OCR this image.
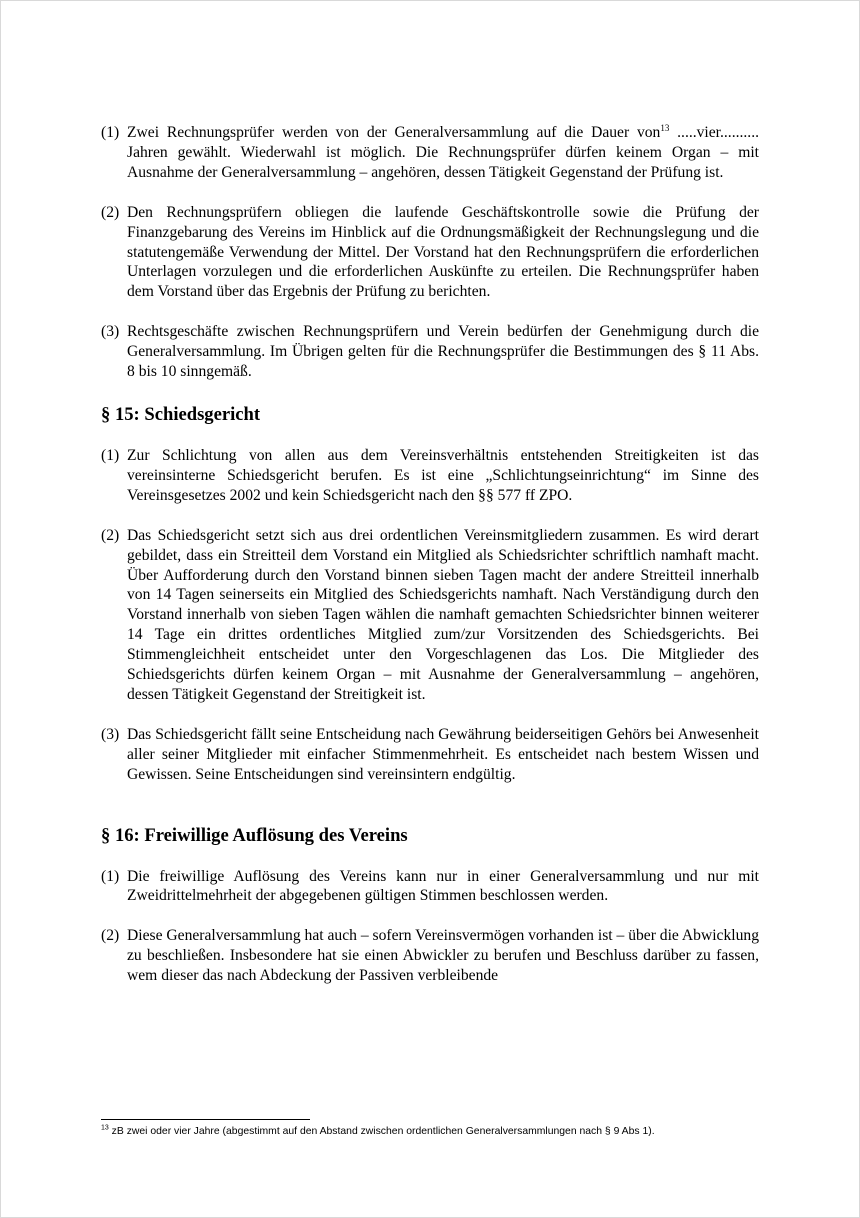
(1) Zwei Rechnungsprüfer werden von der Generalversammlung auf die Dauer von$^{13}$ .....vier.......... Jahren gewählt. Wiederwahl ist möglich. Die Rechnungsprüfer dürfen keinem Organ – mit Ausnahme der Generalversammlung – angehören, dessen Tätigkeit Gegenstand der Prüfung ist.
(2) Den Rechnungsprüfern obliegen die laufende Geschäftskontrolle sowie die Prüfung der Finanzgebarung des Vereins im Hinblick auf die Ordnungsmäßigkeit der Rechnungslegung und die statutengemäße Verwendung der Mittel. Der Vorstand hat den Rechnungsprüfern die erforderlichen Unterlagen vorzulegen und die erforderlichen Auskünfte zu erteilen. Die Rechnungsprüfer haben dem Vorstand über das Ergebnis der Prüfung zu berichten.
(3) Rechtsgeschäfte zwischen Rechnungsprüfern und Verein bedürfen der Genehmigung durch die Generalversammlung. Im Übrigen gelten für die Rechnungsprüfer die Bestimmungen des § 11 Abs. 8 bis 10 sinngemäß.
§ 15: Schiedsgericht
(1) Zur Schlichtung von allen aus dem Vereinsverhältnis entstehenden Streitigkeiten ist das vereinsinterne Schiedsgericht berufen. Es ist eine „Schlichtungseinrichtung“ im Sinne des Vereinsgesetzes 2002 und kein Schiedsgericht nach den §§ 577 ff ZPO.
(2) Das Schiedsgericht setzt sich aus drei ordentlichen Vereinsmitgliedern zusammen. Es wird derart gebildet, dass ein Streitteil dem Vorstand ein Mitglied als Schiedsrichter schriftlich namhaft macht. Über Aufforderung durch den Vorstand binnen sieben Tagen macht der andere Streitteil innerhalb von 14 Tagen seinerseits ein Mitglied des Schiedsgerichts namhaft. Nach Verständigung durch den Vorstand innerhalb von sieben Tagen wählen die namhaft gemachten Schiedsrichter binnen weiterer 14 Tage ein drittes ordentliches Mitglied zum/zur Vorsitzenden des Schiedsgerichts. Bei Stimmengleichheit entscheidet unter den Vorgeschlagenen das Los. Die Mitglieder des Schiedsgerichts dürfen keinem Organ – mit Ausnahme der Generalversammlung – angehören, dessen Tätigkeit Gegenstand der Streitigkeit ist.
(3) Das Schiedsgericht fällt seine Entscheidung nach Gewährung beiderseitigen Gehörs bei Anwesenheit aller seiner Mitglieder mit einfacher Stimmenmehrheit. Es entscheidet nach bestem Wissen und Gewissen. Seine Entscheidungen sind vereinsintern endgültig.
§ 16: Freiwillige Auflösung des Vereins
(1) Die freiwillige Auflösung des Vereins kann nur in einer Generalversammlung und nur mit Zweidrittelmehrheit der abgegebenen gültigen Stimmen beschlossen werden.
(2) Diese Generalversammlung hat auch – sofern Vereinsvermögen vorhanden ist – über die Abwicklung zu beschließen. Insbesondere hat sie einen Abwickler zu berufen und Beschluss darüber zu fassen, wem dieser das nach Abdeckung der Passiven verbleibende
$^{13}$ zB zwei oder vier Jahre (abgestimmt auf den Abstand zwischen ordentlichen Generalversammlungen nach § 9 Abs 1).
